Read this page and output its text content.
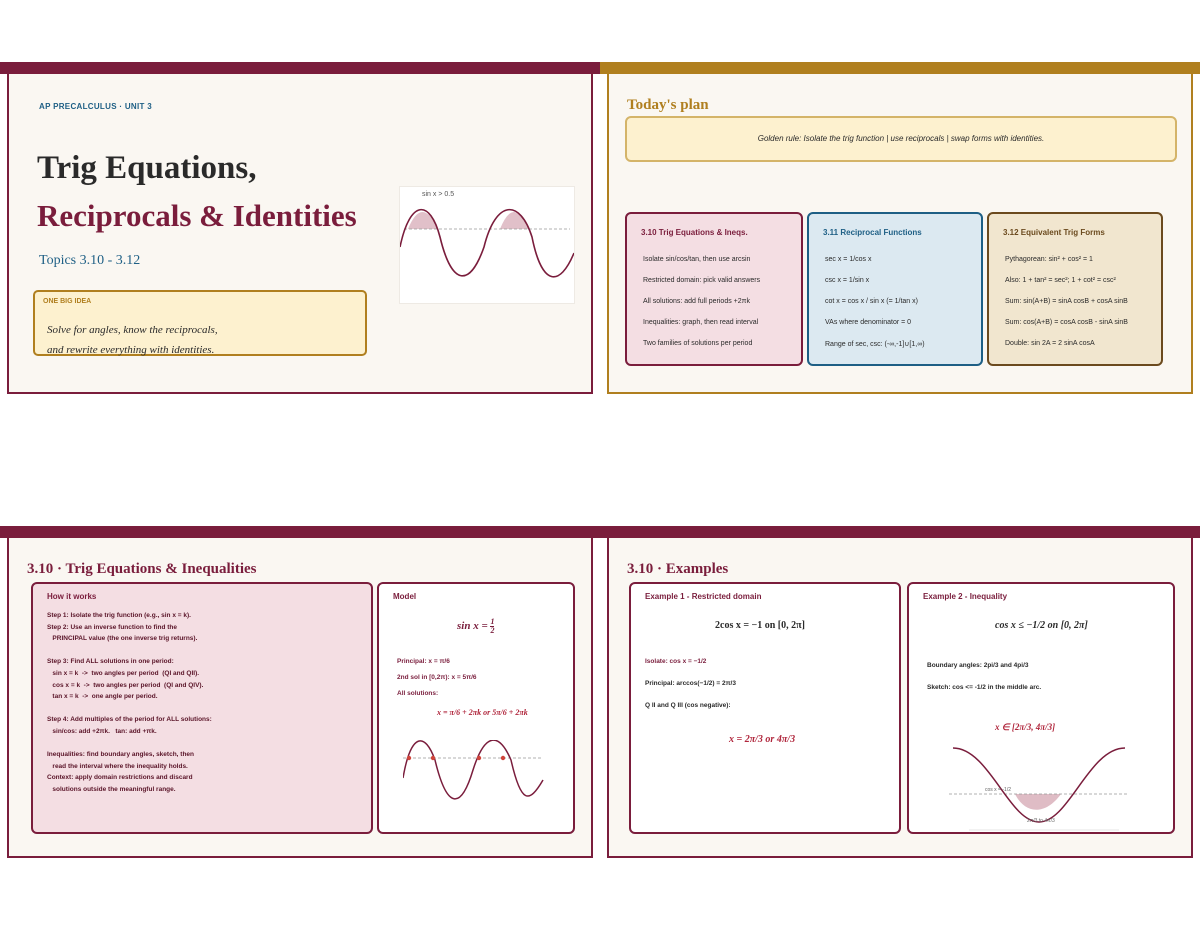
AP PRECALCULUS · UNIT 3
Trig Equations,
Reciprocals & Identities
Topics 3.10 - 3.12
sin x > 0.5
ONE BIG IDEA
Solve for angles, know the reciprocals,
and rewrite everything with identities.
Today's plan
Golden rule: Isolate the trig function | use reciprocals | swap forms with identities.
3.10 Trig Equations & Ineqs.
Isolate sin/cos/tan, then use arcsin
Restricted domain: pick valid answers
All solutions: add full periods +2πk
Inequalities: graph, then read interval
Two families of solutions per period
3.11 Reciprocal Functions
sec x = 1/cos x
csc x = 1/sin x
cot x = cos x / sin x (= 1/tan x)
VAs where denominator = 0
Range of sec, csc: (-∞,-1]∪[1,∞)
3.12 Equivalent Trig Forms
Pythagorean: sin² + cos² = 1
Also: 1 + tan² = sec²; 1 + cot² = csc²
Sum: sin(A+B) = sinA cosB + cosA sinB
Sum: cos(A+B) = cosA cosB - sinA sinB
Double: sin 2A = 2 sinA cosA
3.10 · Trig Equations & Inequalities
How it works
Step 1: Isolate the trig function (e.g., sin x = k).
Step 2: Use an inverse function to find the
PRINCIPAL value (the one inverse trig returns).
Step 3: Find ALL solutions in one period:
sin x = k  ->  two angles per period  (QI and QII).
cos x = k  ->  two angles per period  (QI and QIV).
tan x = k  ->  one angle per period.
Step 4: Add multiples of the period for ALL solutions:
sin/cos: add +2πk.   tan: add +πk.
Inequalities: find boundary angles, sketch, then
read the interval where the inequality holds.
Context: apply domain restrictions and discard
solutions outside the meaningful range.
Model
$\sin x = \frac{1}{2}$
Principal: x = π/6
2nd sol in [0,2π): x = 5π/6
All solutions:
x = π/6 + 2πk or 5π/6 + 2πk
3.10 · Examples
Example 1 - Restricted domain
2cos x = −1 on [0, 2π]
Isolate: cos x = −1/2
Principal: arccos(−1/2) = 2π/3
Q II and Q III (cos negative):
x = 2π/3 or 4π/3
Example 2 - Inequality
cos x ≤ −1/2 on [0, 2π]
Boundary angles: 2pi/3 and 4pi/3
Sketch: cos <= -1/2 in the middle arc.
x ∈ [2π/3, 4π/3]
cos x = -1/2
2π/3 to 4π/3
